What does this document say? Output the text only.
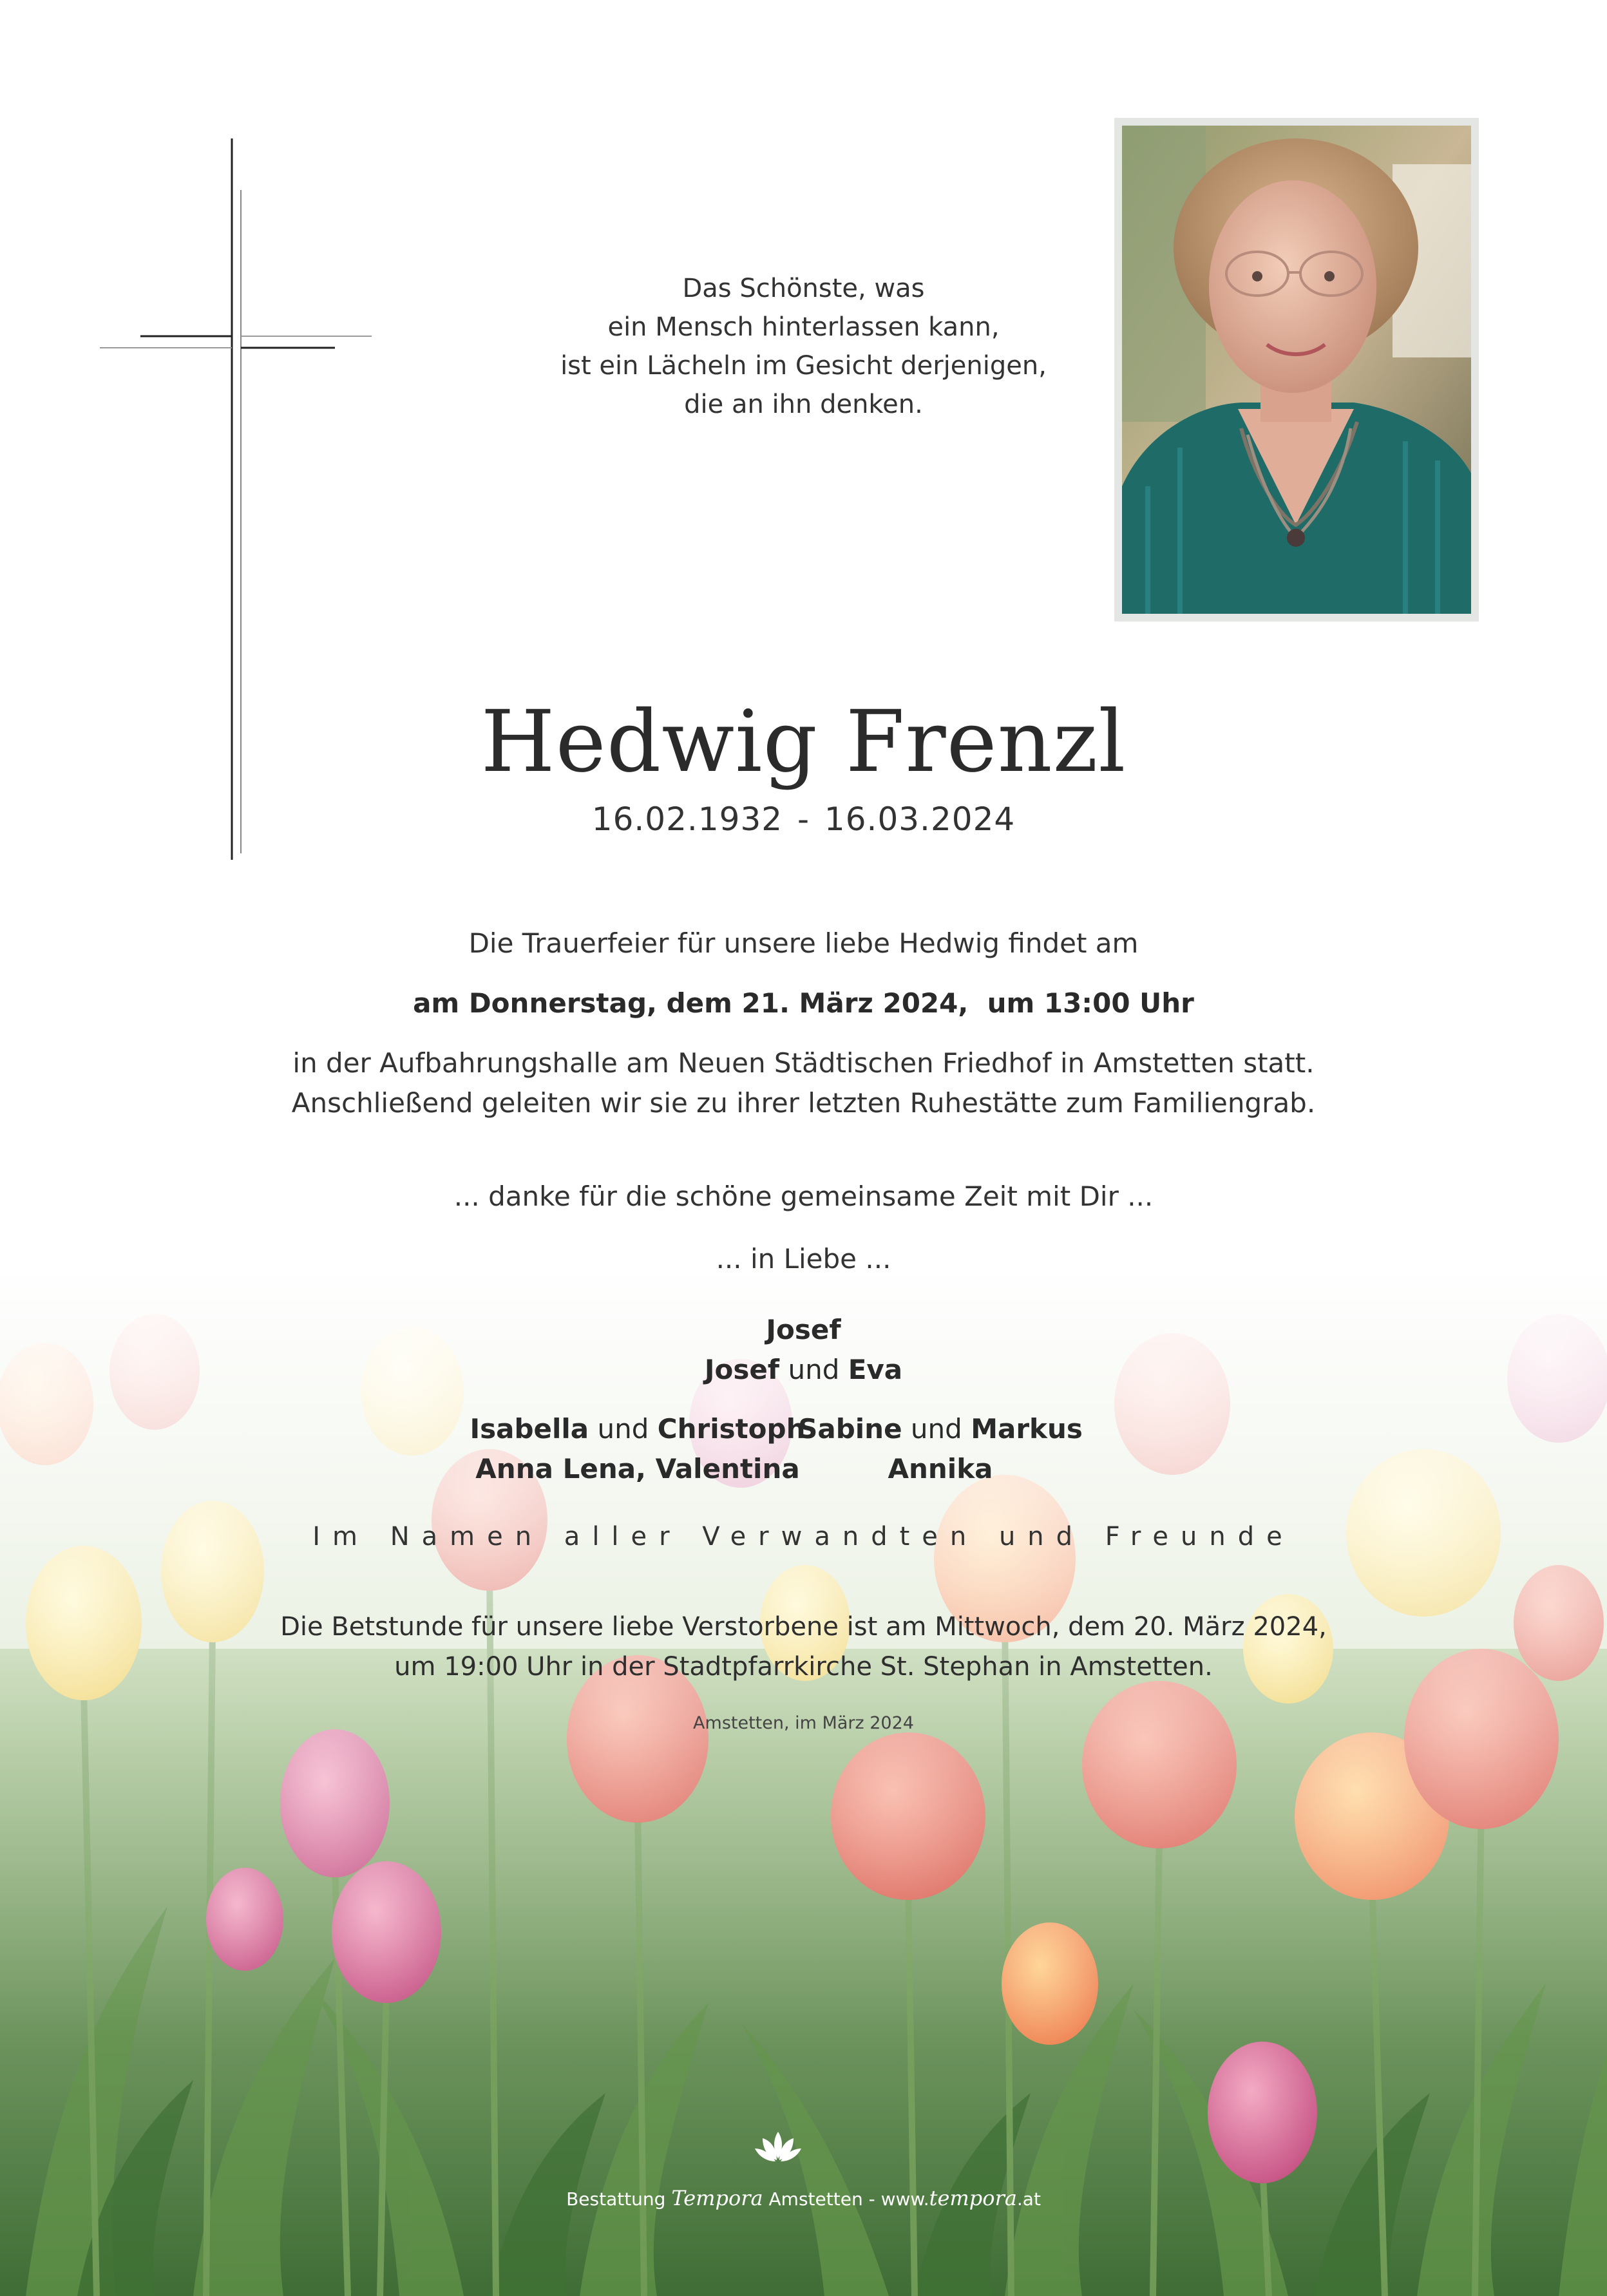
Das Schönste, was
ein Mensch hinterlassen kann,
ist ein Lächeln im Gesicht derjenigen,
die an ihn denken.
Hedwig Frenzl
16.02.1932 - 16.03.2024
Die Trauerfeier für unsere liebe Hedwig findet am
am Donnerstag, dem 21. März 2024,  um 13:00 Uhr
in der Aufbahrungshalle am Neuen Städtischen Friedhof in Amstetten statt.
Anschließend geleiten wir sie zu ihrer letzten Ruhestätte zum Familiengrab.
... danke für die schöne gemeinsame Zeit mit Dir ...
... in Liebe ...
Josef
Josef und Eva
Isabella und Christoph
Anna Lena, Valentina
Sabine und Markus
Annika
Im Namen aller Verwandten und Freunde
Die Betstunde für unsere liebe Verstorbene ist am Mittwoch, dem 20. März 2024,
um 19:00 Uhr in der Stadtpfarrkirche St. Stephan in Amstetten.
Amstetten, im März 2024
Bestattung Tempora Amstetten - www.tempora.at
